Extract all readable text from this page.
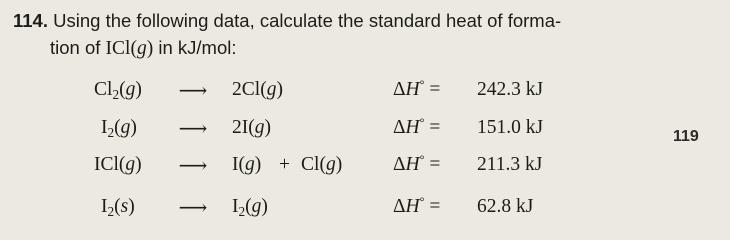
114. Using the following data, calculate the standard heat of forma-
tion of ICl(g) in kJ/mol:
$Cl_2(g)$	⟶	2Cl(g)	ΔH° = 242.3 kJ
$I_2(g)$	⟶	2I(g)	ΔH° = 151.0 kJ
ICl(g)	⟶	I(g) + Cl(g)	ΔH° = 211.3 kJ
$I_2(s)$	⟶	$I_2(g)$	ΔH° = 62.8 kJ
119
